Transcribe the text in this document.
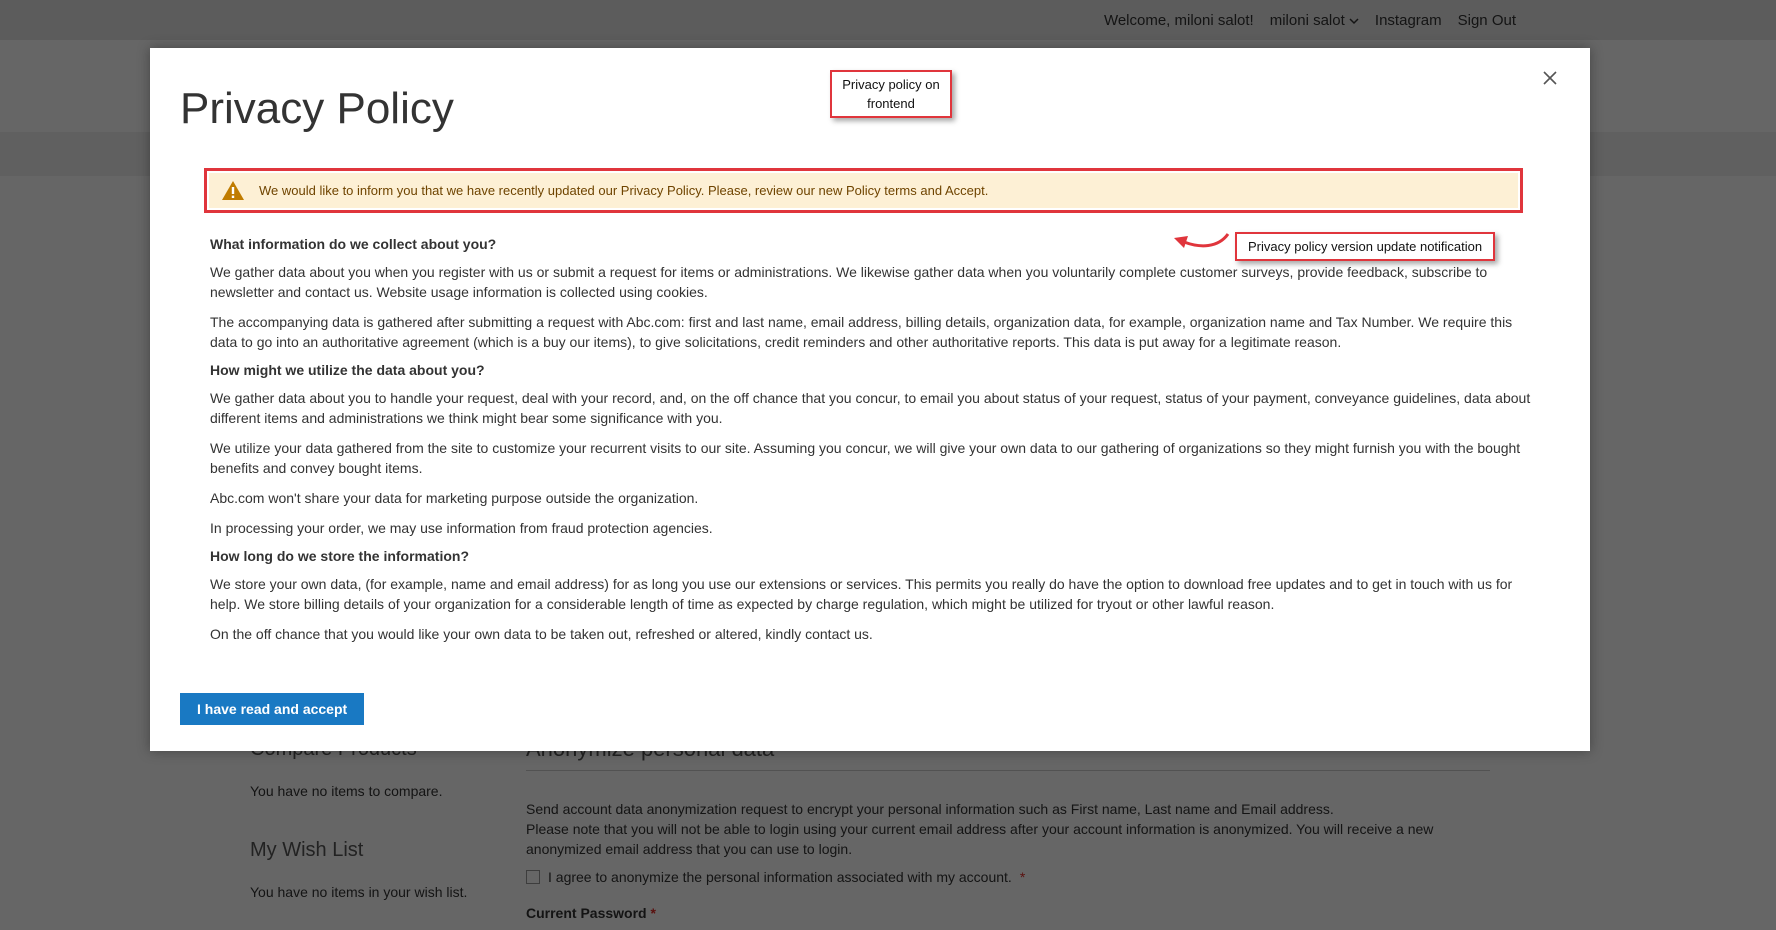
Privacy Policy	Privacy policy on frontend
We would like to inform you that we have recently updated our Privacy Policy. Please, review our new Policy terms and Accept.
Privacy policy version update notification
What information do we collect about you?

We gather data about you when you register with us or submit a request for items or administrations. We likewise gather data when you voluntarily complete customer surveys, provide feedback, subscribe to newsletter and contact us. Website usage information is collected using cookies.

The accompanying data is gathered after submitting a request with Abc.com: first and last name, email address, billing details, organization data, for example, organization name and Tax Number. We require this data to go into an authoritative agreement (which is a buy our items), to give solicitations, credit reminders and other authoritative reports. This data is put away for a legitimate reason.

How might we utilize the data about you?

We gather data about you to handle your request, deal with your record, and, on the off chance that you concur, to email you about status of your request, status of your payment, conveyance guidelines, data about different items and administrations we think might bear some significance with you.

We utilize your data gathered from the site to customize your recurrent visits to our site. Assuming you concur, we will give your own data to our gathering of organizations so they might furnish you with the bought benefits and convey bought items.

Abc.com won't share your data for marketing purpose outside the organization.

In processing your order, we may use information from fraud protection agencies.

How long do we store the information?

We store your own data, (for example, name and email address) for as long you use our extensions or services. This permits you really do have the option to download free updates and to get in touch with us for help. We store billing details of your organization for a considerable length of time as expected by charge regulation, which might be utilized for tryout or other lawful reason.

On the off chance that you would like your own data to be taken out, refreshed or altered, kindly contact us.

I have read and accept
